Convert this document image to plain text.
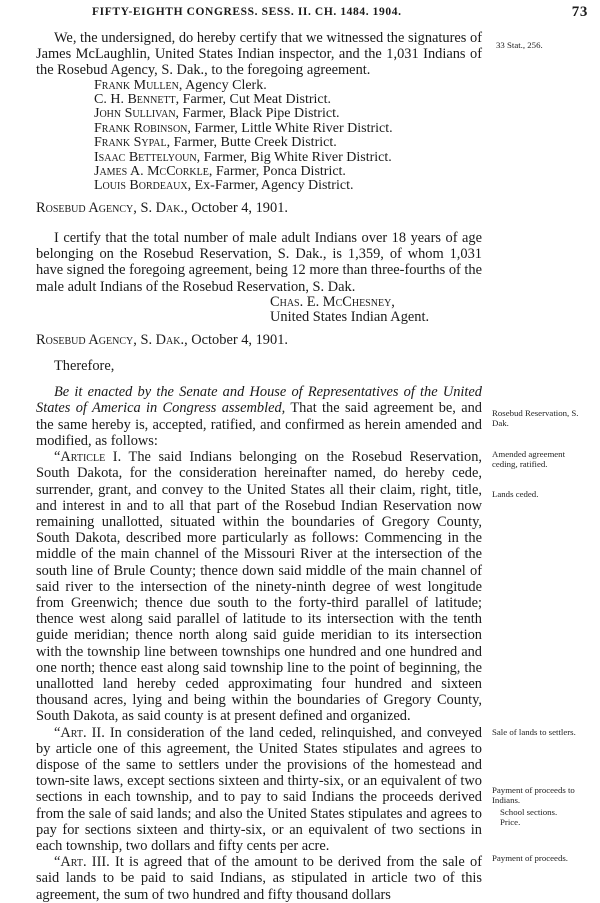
FIFTY-EIGHTH CONGRESS. SESS. II. CH. 1484. 1904.	73

We, the undersigned, do hereby certify that we witnessed the signatures of James McLaughlin, United States Indian inspector, and the 1,031 Indians of the Rosebud Agency, S. Dak., to the foregoing agreement.

Frank Mullen, Agency Clerk.

C. H. Bennett, Farmer, Cut Meat District.

John Sullivan, Farmer, Black Pipe District.

Frank Robinson, Farmer, Little White River District.

Frank Sypal, Farmer, Butte Creek District.

Isaac Bettelyoun, Farmer, Big White River District.

James A. McCorkle, Farmer, Ponca District.

Louis Bordeaux, Ex-Farmer, Agency District.

Rosebud Agency, S. Dak., October 4, 1901.

I certify that the total number of male adult Indians over 18 years of age belonging on the Rosebud Reservation, S. Dak., is 1,359, of whom 1,031 have signed the foregoing agreement, being 12 more than three-fourths of the male adult Indians of the Rosebud Reservation, S. Dak.

Chas. E. McChesney,
United States Indian Agent.

Rosebud Agency, S. Dak., October 4, 1901.

Therefore,

Be it enacted by the Senate and House of Representatives of the United States of America in Congress assembled, That the said agreement be, and the same hereby is, accepted, ratified, and confirmed as herein amended and modified, as follows:

“Article I. The said Indians belonging on the Rosebud Reservation, South Dakota, for the consideration hereinafter named, do hereby cede, surrender, grant, and convey to the United States all their claim, right, title, and interest in and to all that part of the Rosebud Indian Reservation now remaining unallotted, situated within the boundaries of Gregory County, South Dakota, described more particularly as follows: Commencing in the middle of the main channel of the Missouri River at the intersection of the south line of Brule County; thence down said middle of the main channel of said river to the intersection of the ninety-ninth degree of west longitude from Greenwich; thence due south to the forty-third parallel of latitude; thence west along said parallel of latitude to its intersection with the tenth guide meridian; thence north along said guide meridian to its intersection with the township line between townships one hundred and one hundred and one north; thence east along said township line to the point of beginning, the unallotted land hereby ceded approximating four hundred and sixteen thousand acres, lying and being within the boundaries of Gregory County, South Dakota, as said county is at present defined and organized.

“Art. II. In consideration of the land ceded, relinquished, and conveyed by article one of this agreement, the United States stipulates and agrees to dispose of the same to settlers under the provisions of the homestead and town-site laws, except sections sixteen and thirty-six, or an equivalent of two sections in each township, and to pay to said Indians the proceeds derived from the sale of said lands; and also the United States stipulates and agrees to pay for sections sixteen and thirty-six, or an equivalent of two sections in each township, two dollars and fifty cents per acre.

“Art. III. It is agreed that of the amount to be derived from the sale of said lands to be paid to said Indians, as stipulated in article two of this agreement, the sum of two hundred and fifty thousand dollars

33 Stat., 256.
Rosebud Reservation, S. Dak.
Amended agreement ceding, ratified.
Lands ceded.
Sale of lands to settlers.
Payment of proceeds to Indians.
School sections.
Price.
Payment of proceeds.
